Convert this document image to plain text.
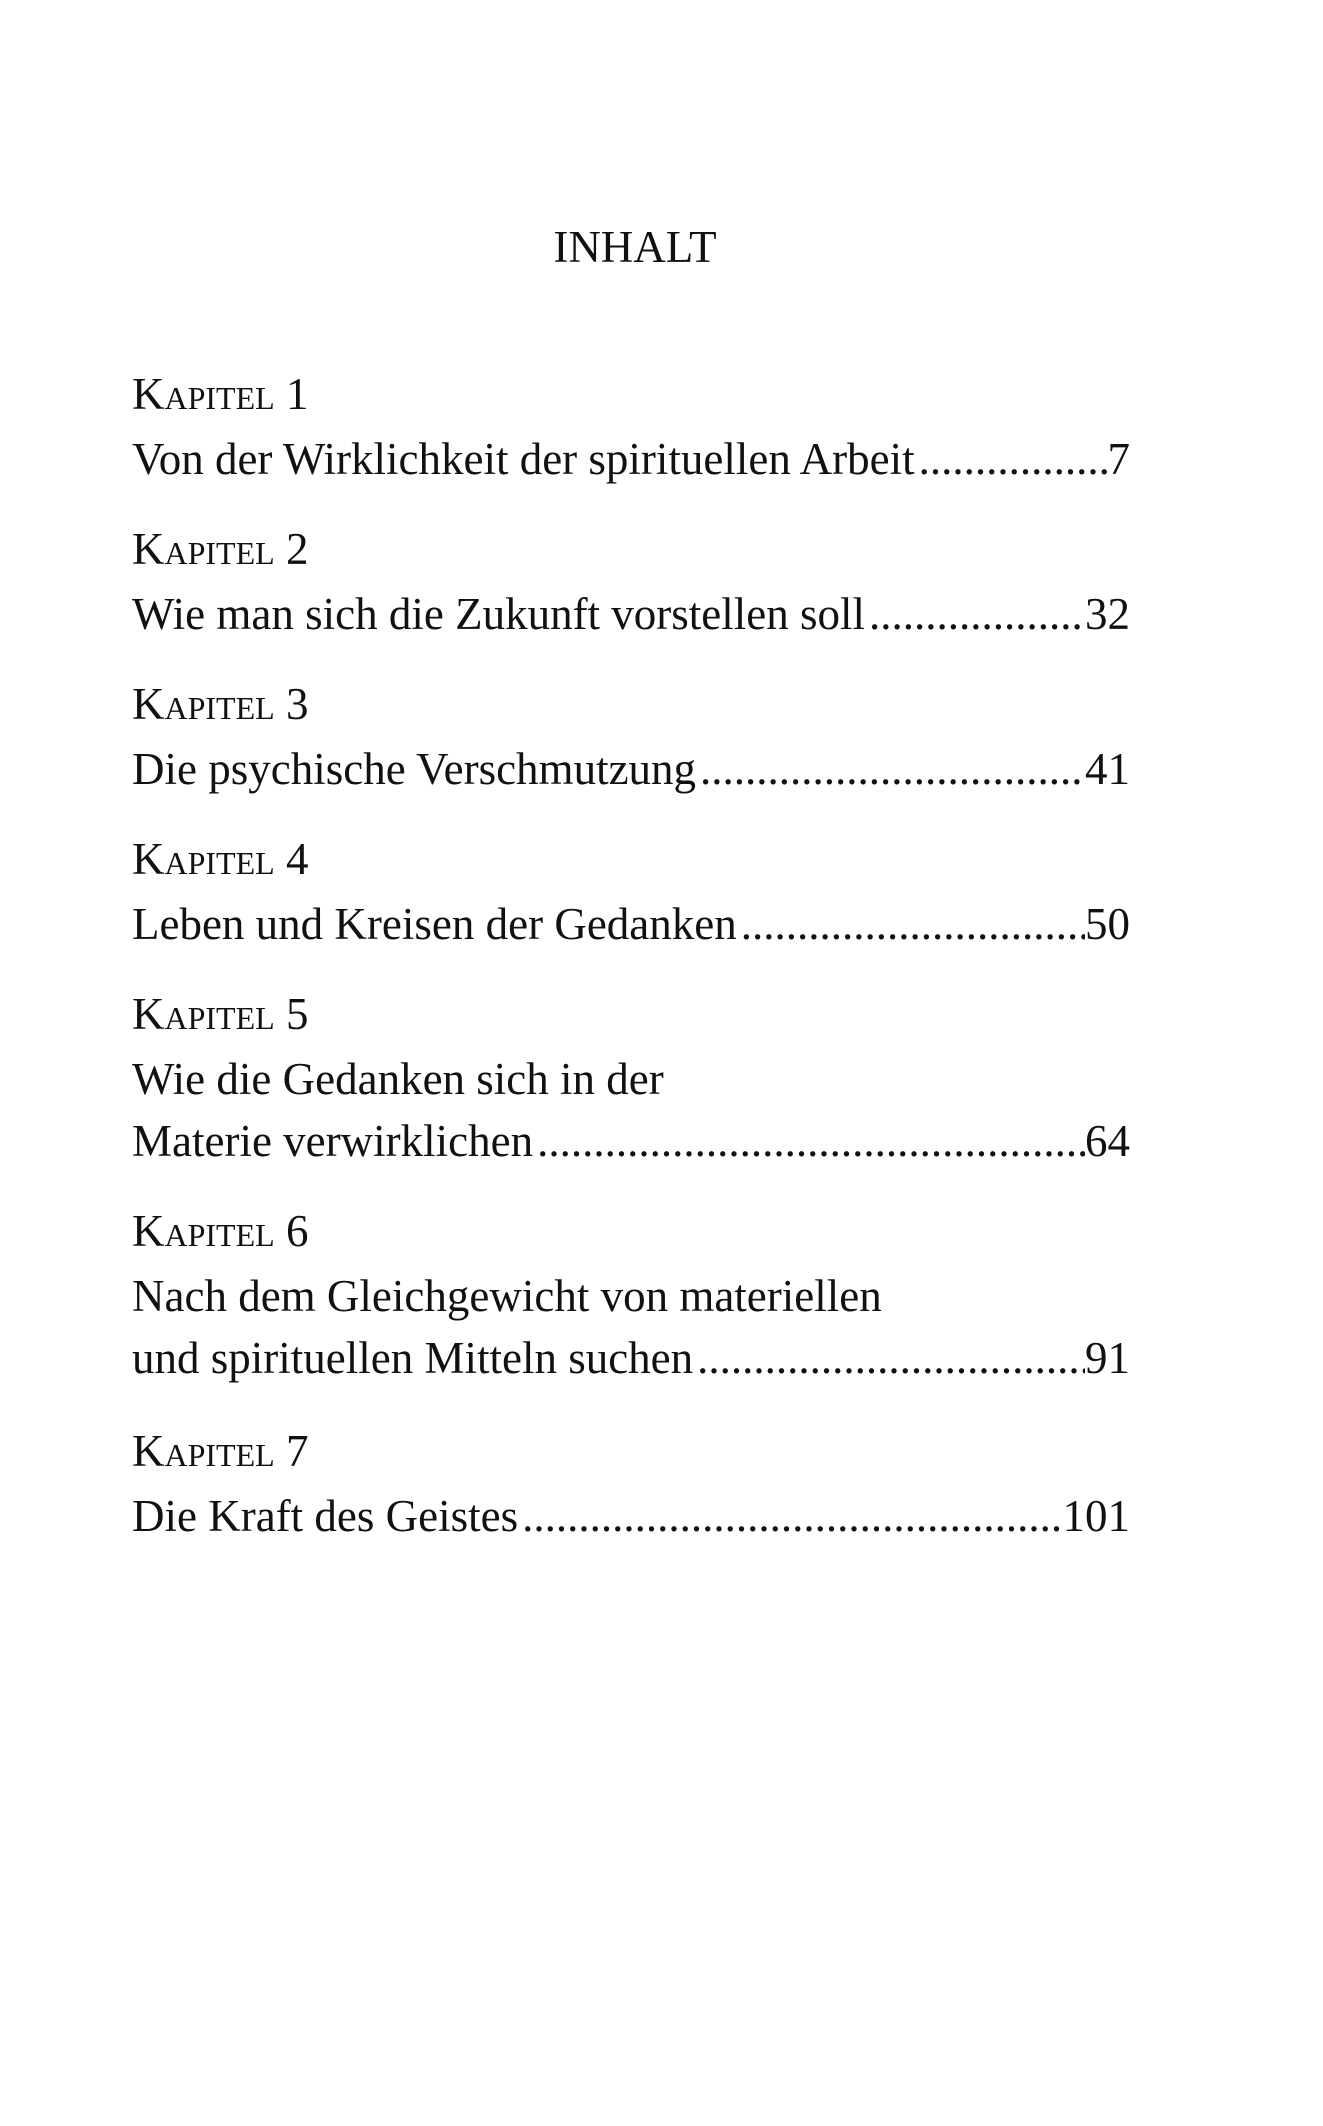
INHALT
Kapitel 1
Von der Wirklichkeit der spirituellen Arbeit .....	7
Kapitel 2
Wie man sich die Zukunft vorstellen soll .....	32
Kapitel 3
Die psychische Verschmutzung .....	41
Kapitel 4
Leben und Kreisen der Gedanken .....	50
Kapitel 5
Wie die Gedanken sich in der
Materie verwirklichen .....	64
Kapitel 6
Nach dem Gleichgewicht von materiellen
und spirituellen Mitteln suchen .....	91
Kapitel 7
Die Kraft des Geistes .....	101
